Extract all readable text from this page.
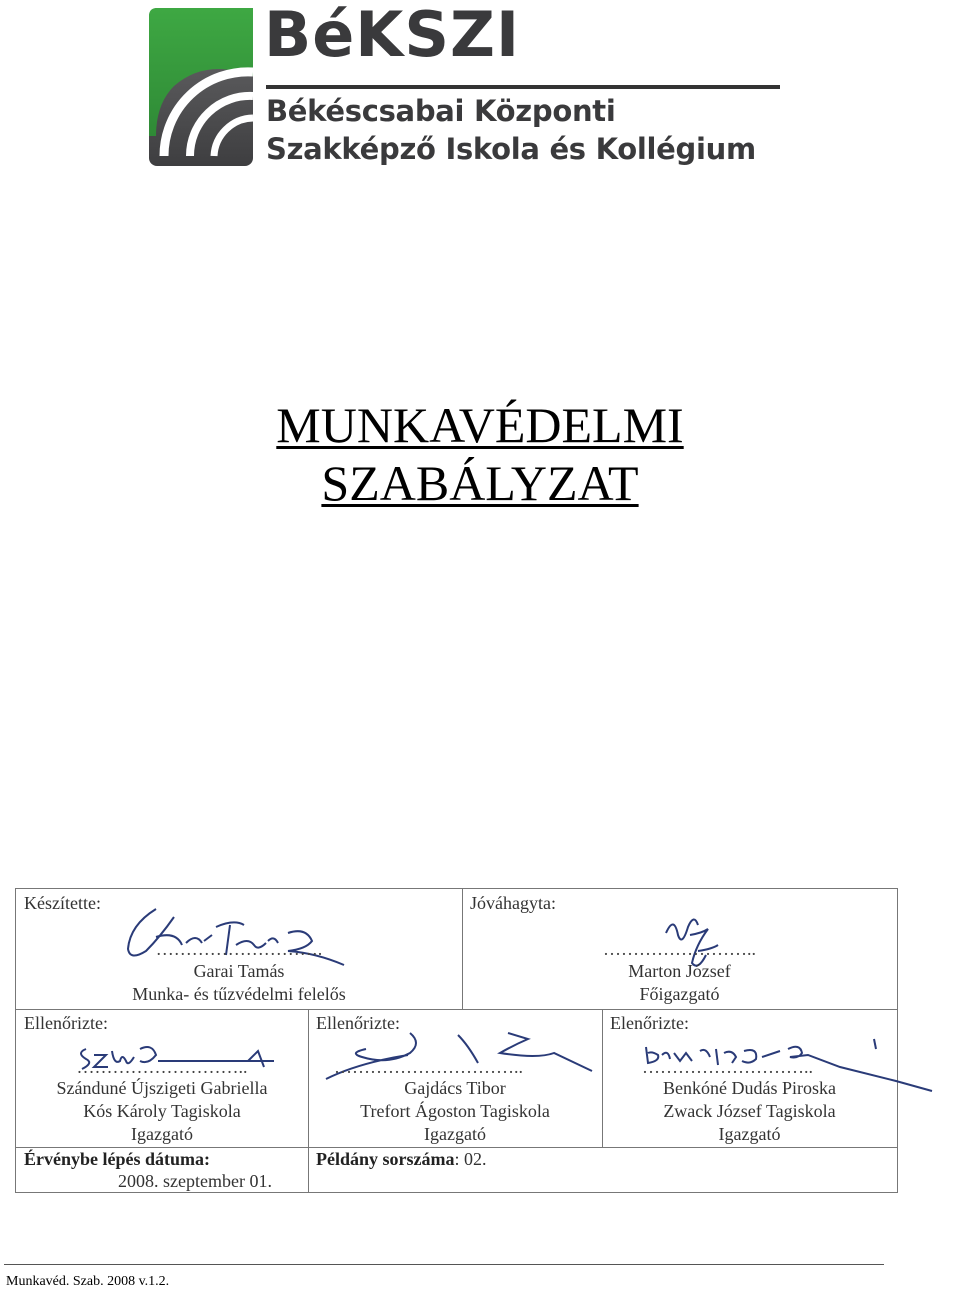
BéKSZI
Békéscsabai Központi
Szakképző Iskola és Kollégium
MUNKAVÉDELMI
SZABÁLYZAT
Készítette:
……………………….
Garai Tamás
Munka- és tűzvédelmi felelős
Jóváhagyta:
……………………..
Marton József
Főigazgató
Ellenőrizte:
………………………..
Szánduné Újszigeti Gabriella
Kós Károly Tagiskola
Igazgató
Ellenőrizte:
…………………………..
Gajdács Tibor
Trefort Ágoston Tagiskola
Igazgató
Elenőrizte:
………………………..
Benkóné Dudás Piroska
Zwack József Tagiskola
Igazgató
Érvénybe lépés dátuma:
2008. szeptember 01.
Példány sorszáma: 02.
Munkavéd. Szab. 2008 v.1.2.
